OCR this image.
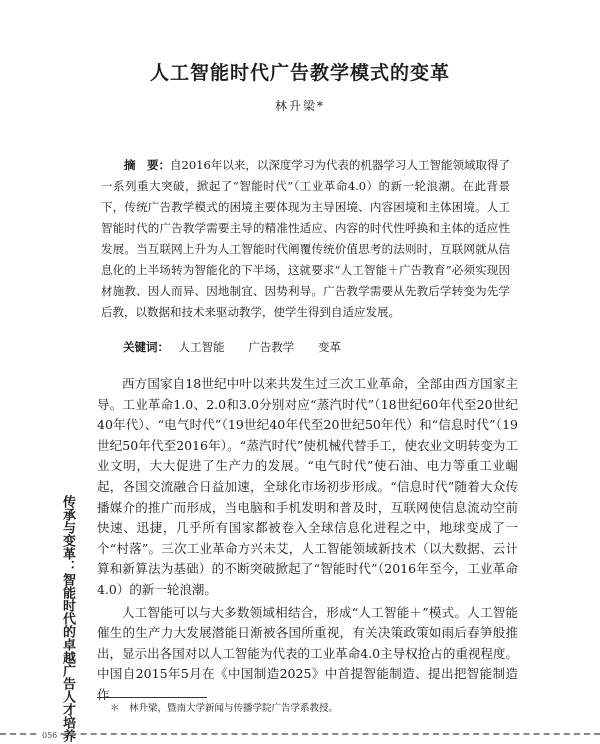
人工智能时代广告教学模式的变革
林升梁*

摘　要：自2016年以来，以深度学习为代表的机器学习人工智能领域取得了一系列重大突破，掀起了“智能时代”（工业革命4.0）的新一轮浪潮。在此背景下，传统广告教学模式的困境主要体现为主导困境、内容困境和主体困境。人工智能时代的广告教学需要主导的精准性适应、内容的时代性呼换和主体的适应性发展。当互联网上升为人工智能时代阐覆传统价值思考的法则时，互联网就从信息化的上半场转为智能化的下半场，这就要求“人工智能＋广告教育”必须实现因材施教、因人而异、因地制宜、因势利导。广告教学需要从先教后学转变为先学后教，以数据和技术来驱动教学，使学生得到自适应发展。

关键词： 人工智能 广告教学 变革

西方国家自18世纪中叶以来共发生过三次工业革命，全部由西方国家主导。工业革命1.0、2.0和3.0分别对应“蒸汽时代”（18世纪60年代至20世纪40年代）、“电气时代”（19世纪40年代至20世纪50年代）和“信息时代”（19世纪50年代至2016年）。“蒸汽时代”使机械代替手工，使农业文明转变为工业文明，大大促进了生产力的发展。“电气时代”使石油、电力等重工业崛起，各国交流融合日益加速，全球化市场初步形成。“信息时代”随着大众传播媒介的推广而形成，当电脑和手机发明和普及时，互联网使信息流动空前快速、迅捷，几乎所有国家都被卷入全球信息化进程之中，地球变成了一个“村落”。三次工业革命方兴未艾，人工智能领域新技术（以大数据、云计算和新算法为基础）的不断突破掀起了“智能时代”（2016年至今，工业革命4.0）的新一轮浪潮。

人工智能可以与大多数领域相结合，形成“人工智能＋”模式。人工智能催生的生产力大发展潜能日渐被各国所重视，有关决策政策如雨后春笋般推出，显示出各国对以人工智能为代表的工业革命4.0主导权抢占的重视程度。中国自2015年5月在《中国制造2025》中首提智能制造、提出把智能制造作

传承与变革：智能时代的卓越广告人才培养	＊　林升梁，暨南大学新闻与传播学院广告学系教授。
056
